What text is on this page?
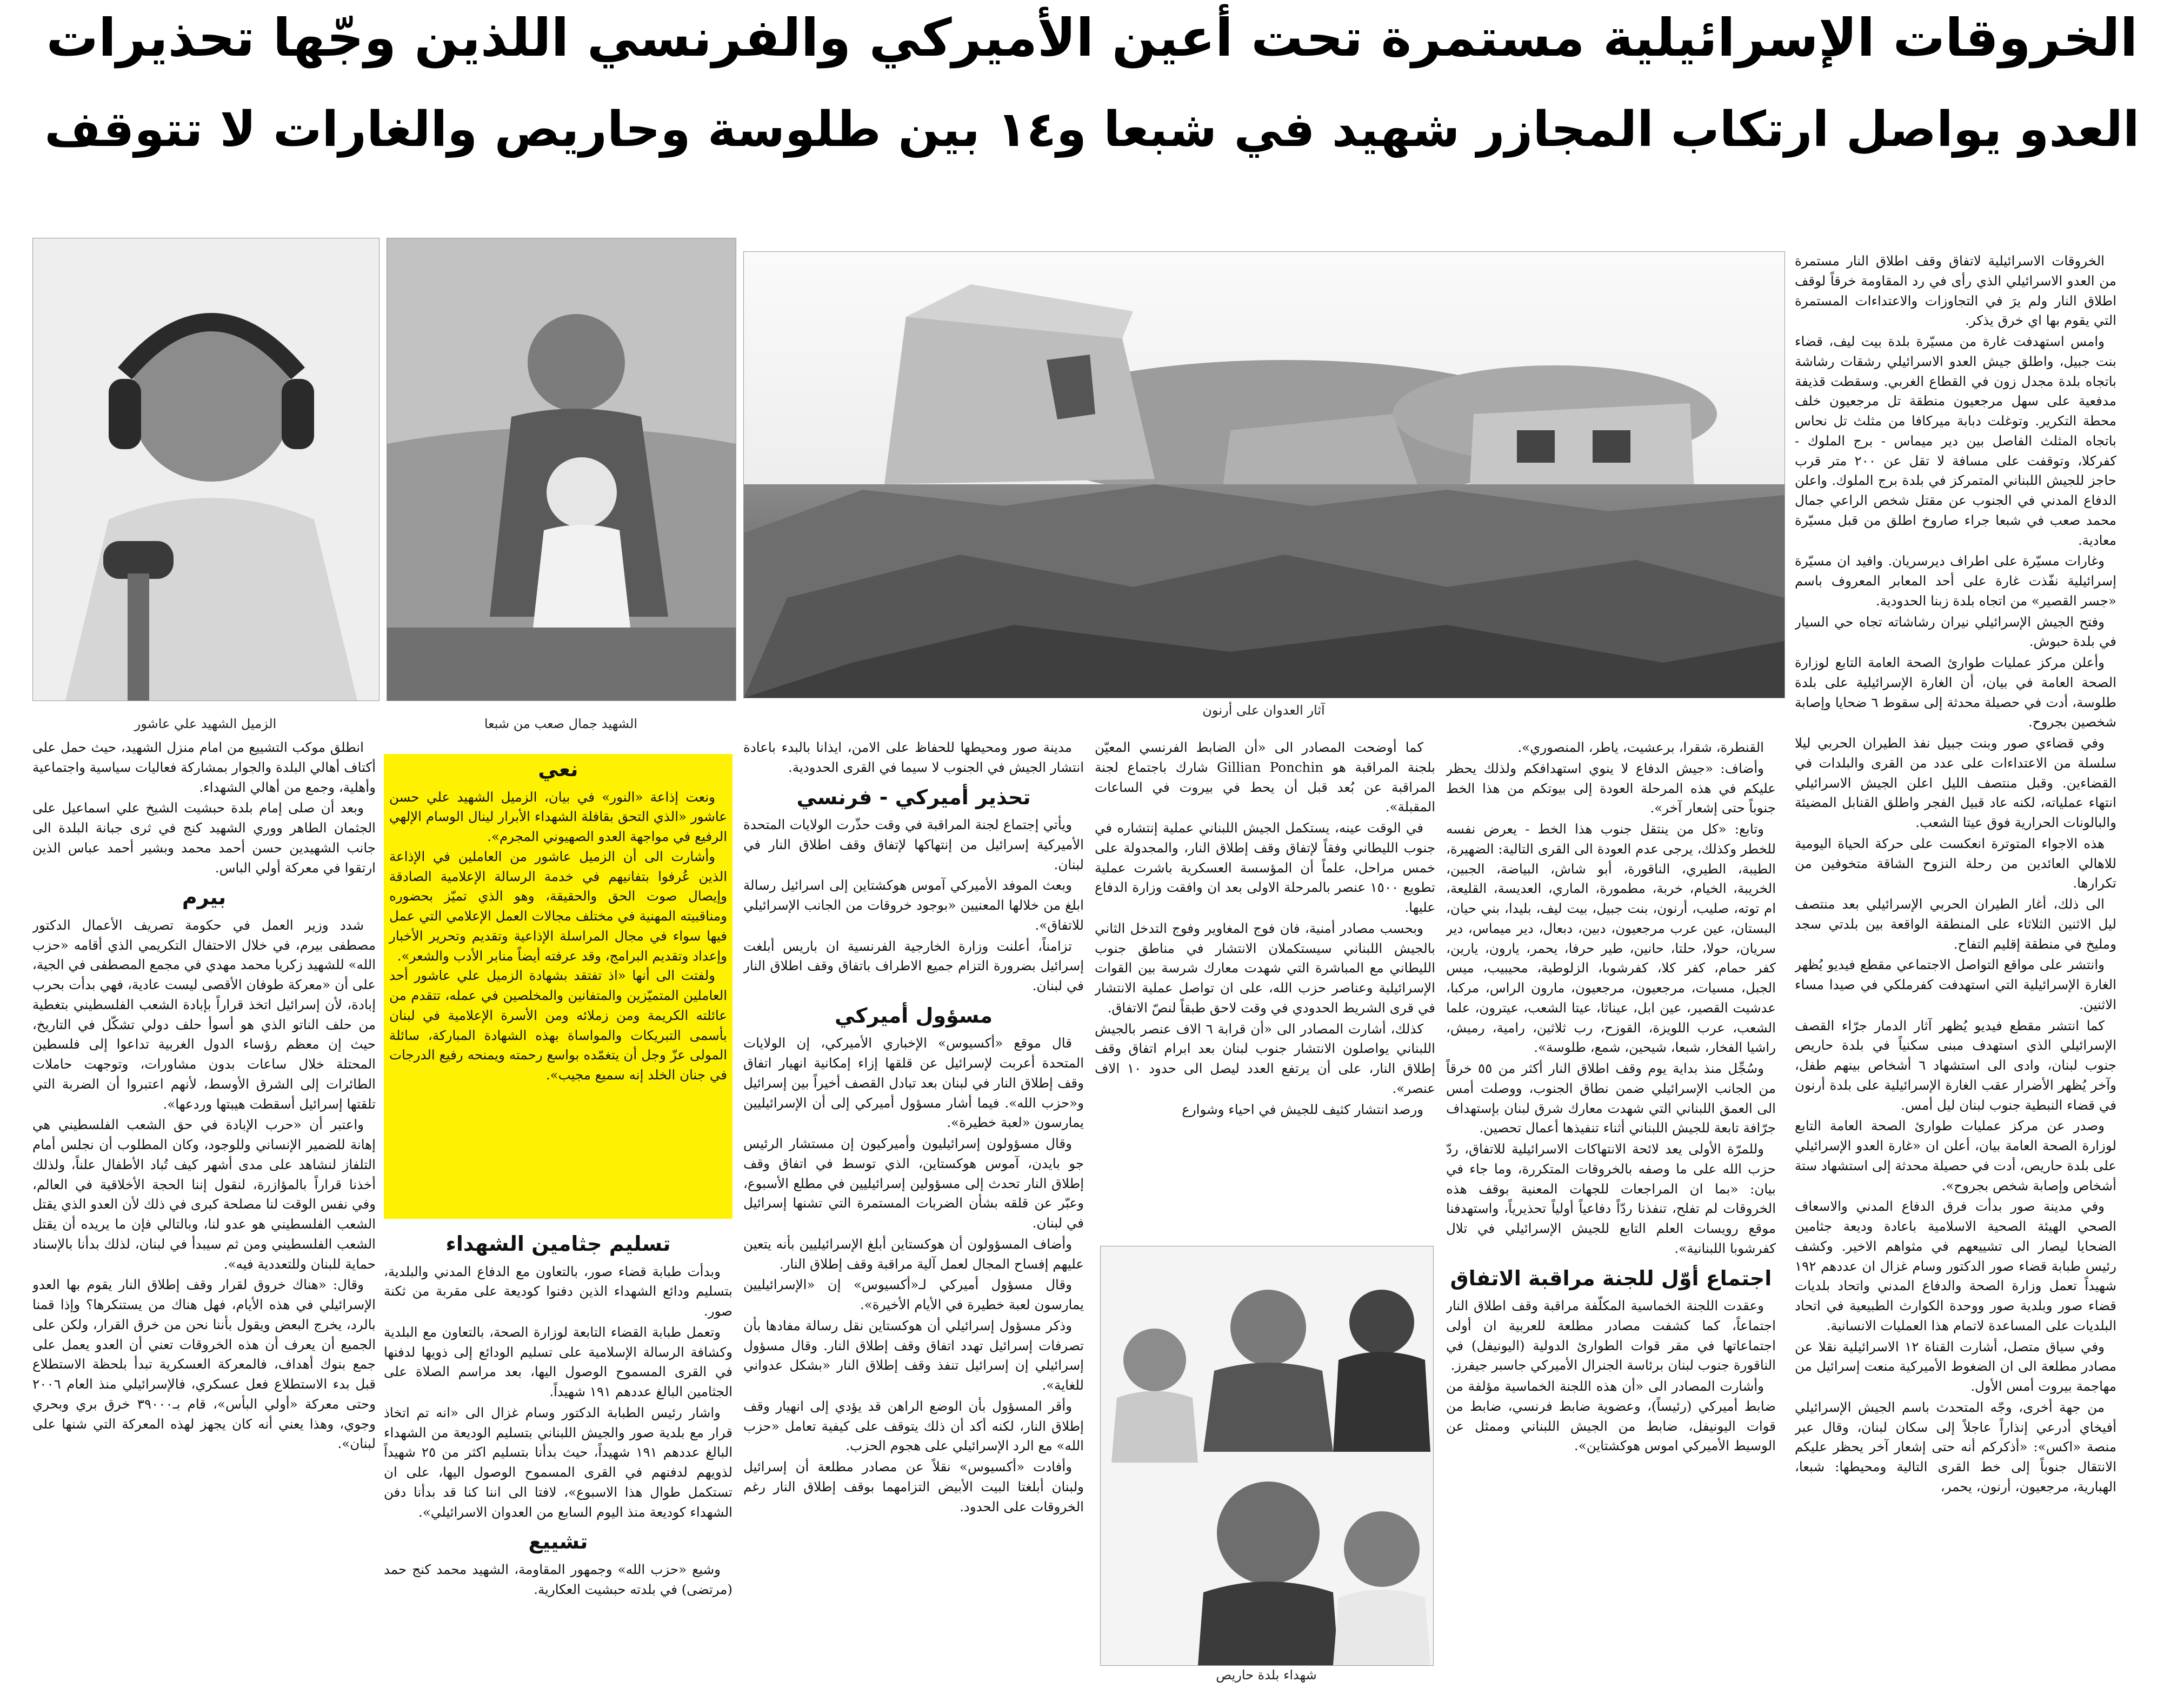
الخروقات الإسرائيلية مستمرة تحت أعين الأميركي والفرنسي اللذين وجّها تحذيرات
العدو يواصل ارتكاب المجازر شهيد في شبعا و١٤ بين طلوسة وحاريص والغارات لا تتوقف

الخروقات الاسرائيلية لاتفاق وقف اطلاق النار مستمرة من العدو الاسرائيلي الذي رأى في رد المقاومة خرقاً لوقف اطلاق النار ولم يرَ في التجاوزات والاعتداءات المستمرة التي يقوم بها اي خرق يذكر.

وامس استهدفت غارة من مسيّرة بلدة بيت ليف، قضاء بنت جبيل، واطلق جيش العدو الاسرائيلي رشقات رشاشة باتجاه بلدة مجدل زون في القطاع الغربي. وسقطت قذيفة مدفعية على سهل مرجعيون منطقة تل مرجعيون خلف محطة التكرير. وتوغلت دبابة ميركافا من مثلث تل نحاس باتجاه المثلث الفاصل بين دير ميماس - برج الملوك - كفركلا، وتوقفت على مسافة لا تقل عن ٢٠٠ متر قرب حاجز للجيش اللبناني المتمركز في بلدة برج الملوك. واعلن الدفاع المدني في الجنوب عن مقتل شخص الراعي جمال محمد صعب في شبعا جراء صاروخ اطلق من قبل مسيّرة معادية.

وغارات مسيّرة على اطراف ديرسريان. وافيد ان مسيّرة إسرائيلية نفّذت غارة على أحد المعابر المعروف باسم «جسر القصير» من اتجاه بلدة زبنا الحدودية.

وفتح الجيش الإسرائيلي نيران رشاشاته تجاه حي السيار في بلدة حبوش.

وأعلن مركز عمليات طوارئ الصحة العامة التابع لوزارة الصحة العامة في بيان، أن الغارة الإسرائيلية على بلدة طلوسة، أدت في حصيلة محدثة إلى سقوط ٦ ضحايا وإصابة شخصين بجروح.

وفي قضاءي صور وبنت جبيل نفذ الطيران الحربي ليلا سلسلة من الاعتداءات على عدد من القرى والبلدات في القضاءين. وقبل منتصف الليل اعلن الجيش الاسرائيلي انتهاء عملياته، لكنه عاد قبيل الفجر واطلق القنابل المضيئة والبالونات الحرارية فوق عيتا الشعب.

هذه الاجواء المتوترة انعكست على حركة الحياة اليومية للاهالي العائدين من رحلة النزوح الشاقة متخوفين من تكرارها.

الى ذلك، أغار الطيران الحربي الإسرائيلي بعد منتصف ليل الاثنين الثلاثاء على المنطقة الواقعة بين بلدتي سجد ومليخ في منطقة إقليم التفاح.

وانتشر على مواقع التواصل الاجتماعي مقطع فيديو يُظهر الغارة الإسرائيلية التي استهدفت كفرملكي في صيدا مساء الاثنين.

كما انتشر مقطع فيديو يُظهر آثار الدمار جرّاء القصف الإسرائيلي الذي استهدف مبنى سكنياً في بلدة حاريص جنوب لبنان، وادى الى استشهاد ٦ أشخاص بينهم طفل، وآخر يُظهر الأضرار عقب الغارة الإسرائيلية على بلدة أرنون في قضاء النبطية جنوب لبنان ليل أمس.

وصدر عن مركز عمليات طوارئ الصحة العامة التابع لوزارة الصحة العامة بيان، أعلن ان «غارة العدو الإسرائيلي على بلدة حاريص، أدت في حصيلة محدثة إلى استشهاد ستة أشخاص وإصابة شخص بجروح».

وفي مدينة صور بدأت فرق الدفاع المدني والاسعاف الصحي الهيئة الصحية الاسلامية باعادة وديعة جثامين الضحايا ليصار الى تشييعهم في مثواهم الاخير. وكشف رئيس طبابة قضاء صور الدكتور وسام غزال ان عددهم ١٩٢ شهيداً تعمل وزارة الصحة والدفاع المدني واتحاد بلديات قضاء صور وبلدية صور ووحدة الكوارث الطبيعية في اتحاد البلديات على المساعدة لاتمام هذا العمليات الانسانية.

وفي سياق متصل، أشارت القناة ١٢ الاسرائيلية نقلا عن مصادر مطلعة الى ان الضغوط الأميركية منعت إسرائيل من مهاجمة بيروت أمس الأول.

من جهة أخرى، وجّه المتحدث باسم الجيش الإسرائيلي أفيخاي أدرعي إنذاراً عاجلاً إلى سكان لبنان، وقال عبر منصة «اكس»: «أذكركم أنه حتى إشعار آخر يحظر عليكم الانتقال جنوباً إلى خط القرى التالية ومحيطها: شبعا، الهبارية، مرجعيون، أرنون، يحمر،

آثار العدوان على أرنون
الشهيد جمال صعب من شبعا
الزميل الشهيد علي عاشور

القنطرة، شقرا، برعشيت، ياطر، المنصوري».

وأضاف: «جيش الدفاع لا ينوي استهدافكم ولذلك يحظر عليكم في هذه المرحلة العودة إلى بيوتكم من هذا الخط جنوباً حتى إشعار آخر».

وتابع: «كل من ينتقل جنوب هذا الخط - يعرض نفسه للخطر وكذلك، يرجى عدم العودة الى القرى التالية: الضهيرة، الطيبة، الطيري، الناقورة، أبو شاش، البياضة، الجبين، الخريبة، الخيام، خربة، مطمورة، الماري، العديسة، القليعة، ام توته، صليب، أرنون، بنت جبيل، بيت ليف، بليدا، بني حيان، البستان، عين عرب مرجعيون، دبين، دبعال، دير ميماس، دير سريان، حولا، حلتا، حانين، طير حرفا، يحمر، يارون، يارين، كفر حمام، كفر كلا، كفرشوبا، الزلوطية، محيبيب، ميس الجبل، مسيات، مرجعيون، مرجعيون، مارون الراس، مركبا، عدشيت القصير، عين ابل، عيناثا، عيتا الشعب، عيترون، علما الشعب، عرب اللويزة، القوزح، رب ثلاثين، رامية، رميش، راشيا الفخار، شبعا، شيحين، شمع، طلوسة».

وسُجِّل منذ بداية يوم وقف اطلاق النار أكثر من ٥٥ خرقاً من الجانب الإسرائيلي ضمن نطاق الجنوب، ووصلت أمس الى العمق اللبناني التي شهدت معارك شرق لبنان بإستهداف جرّافة تابعة للجيش اللبناني أثناء تنفيذها أعمال تحصين.

وللمرّة الأولى يعد لائحة الانتهاكات الاسرائيلية للاتفاق، ردّ حزب الله على ما وصفه بالخروقات المتكررة، وما جاء في بيان: «بما ان المراجعات للجهات المعنية بوقف هذه الخروقات لم تفلح، تنفذنا ردّاً دفاعياً أولياً تحذيرياً، واستهدفنا موقع رويسات العلم التابع للجيش الإسرائيلي في تلال كفرشوبا اللبنانية».

اجتماع أوّل للجنة مراقبة الاتفاق

وعقدت اللجنة الخماسية المكلّفة مراقبة وقف اطلاق النار اجتماعاً، كما كشفت مصادر مطلعة للعربية ان أولى اجتماعاتها في مقر قوات الطوارئ الدولية (اليونيفل) في الناقورة جنوب لبنان برئاسة الجنرال الأميركي جاسبر جيفرز.

وأشارت المصادر الى «أن هذه اللجنة الخماسية مؤلفة من ضابط أميركي (رئيساً)، وعضوية ضابط فرنسي، ضابط من قوات اليونيفل، ضابط من الجيش اللبناني وممثل عن الوسيط الأميركي اموس هوكشتاين».

كما أوضحت المصادر الى «أن الضابط الفرنسي المعيّن بلجنة المراقبة هو Gillian Ponchin شارك باجتماع لجنة المراقبة عن بُعد قبل أن يحط في بيروت في الساعات المقبلة».

في الوقت عينه، يستكمل الجيش اللبناني عملية إنتشاره في جنوب الليطاني وفقاً لإتفاق وقف إطلاق النار، والمجدولة على خمس مراحل، علماً أن المؤسسة العسكرية باشرت عملية تطويع ١٥٠٠ عنصر بالمرحلة الاولى بعد ان وافقت وزارة الدفاع عليها.

وبحسب مصادر أمنية، فان فوج المغاوير وفوج التدخل الثاني بالجيش اللبناني سيستكملان الانتشار في مناطق جنوب الليطاني مع المباشرة التي شهدت معارك شرسة بين القوات الإسرائيلية وعناصر حزب الله، على ان تواصل عملية الانتشار في قرى الشريط الحدودي في وقت لاحق طبقاً لنصّ الاتفاق.

كذلك، أشارت المصادر الى «أن قرابة ٦ الاف عنصر بالجيش اللبناني يواصلون الانتشار جنوب لبنان بعد ابرام اتفاق وقف إطلاق النار، على أن يرتفع العدد ليصل الى حدود ١٠ الاف عنصر».

ورصد انتشار كثيف للجيش في احياء وشوارع

شهداء بلدة حاريص

مدينة صور ومحيطها للحفاظ على الامن، ايذانا بالبدء باعادة انتشار الجيش في الجنوب لا سيما في القرى الحدودية.

تحذير أميركي - فرنسي

ويأتي إجتماع لجنة المراقبة في وقت حذّرت الولايات المتحدة الأميركية إسرائيل من إنتهاكها لإتفاق وقف اطلاق النار في لبنان.

وبعث الموفد الأميركي آموس هوكشتاين إلى اسرائيل رسالة ابلغ من خلالها المعنيين «بوجود خروقات من الجانب الإسرائيلي للاتفاق».

تزامناً، أعلنت وزارة الخارجية الفرنسية ان باريس أبلغت إسرائيل بضرورة التزام جميع الاطراف باتفاق وقف اطلاق النار في لبنان.

مسؤول أميركي

قال موقع «أكسيوس» الإخباري الأميركي، إن الولايات المتحدة أعربت لإسرائيل عن قلقها إزاء إمكانية انهيار اتفاق وقف إطلاق النار في لبنان بعد تبادل القصف أخيراً بين إسرائيل و«حزب الله». فيما أشار مسؤول أميركي إلى أن الإسرائيليين يمارسون «لعبة خطيرة».

وقال مسؤولون إسرائيليون وأميركيون إن مستشار الرئيس جو بايدن، آموس هوكستاين، الذي توسط في اتفاق وقف إطلاق النار تحدث إلى مسؤولين إسرائيليين في مطلع الأسبوع، وعبّر عن قلقه بشأن الضربات المستمرة التي تشنها إسرائيل في لبنان.

وأضاف المسؤولون أن هوكستاين أبلغ الإسرائيليين بأنه يتعين عليهم إفساح المجال لعمل آلية مراقبة وقف إطلاق النار.

وقال مسؤول أميركي لـ«أكسيوس» إن «الإسرائيليين يمارسون لعبة خطيرة في الأيام الأخيرة».

وذكر مسؤول إسرائيلي أن هوكستاين نقل رسالة مفادها بأن تصرفات إسرائيل تهدد اتفاق وقف إطلاق النار. وقال مسؤول إسرائيلي إن إسرائيل تنفذ وقف إطلاق النار «بشكل عدواني للغاية».

وأقر المسؤول بأن الوضع الراهن قد يؤدي إلى انهيار وقف إطلاق النار، لكنه أكد أن ذلك يتوقف على كيفية تعامل «حزب الله» مع الرد الإسرائيلي على هجوم الحزب.

وأفادت «أكسيوس» نقلاً عن مصادر مطلعة أن إسرائيل ولبنان أبلغتا البيت الأبيض التزامهما بوقف إطلاق النار رغم الخروقات على الحدود.

نعي

ونعت إذاعة «النور» في بيان، الزميل الشهيد علي حسن عاشور «الذي التحق بقافلة الشهداء الأبرار لينال الوسام الإلهي الرفيع في مواجهة العدو الصهيوني المجرم».

وأشارت الى أن الزميل عاشور من العاملين في الإذاعة الذين عُرفوا بتفانيهم في خدمة الرسالة الإعلامية الصادقة وإيصال صوت الحق والحقيقة، وهو الذي تميّز بحضوره ومناقبيته المهنية في مختلف مجالات العمل الإعلامي التي عمل فيها سواء في مجال المراسلة الإذاعية وتقديم وتحرير الأخبار وإعداد وتقديم البرامج، وقد عرفته أيضاً منابر الأدب والشعر».

ولفتت الى أنها «اذ تفتقد بشهادة الزميل علي عاشور أحد العاملين المتميّزين والمتفانين والمخلصين في عمله، تتقدم من عائلته الكريمة ومن زملائه ومن الأسرة الإعلامية في لبنان بأسمى التبريكات والمواساة بهذه الشهادة المباركة، سائلة المولى عزّ وجل أن يتغمّده بواسع رحمته ويمنحه رفيع الدرجات في جنان الخلد إنه سميع مجيب».

تسليم جثامين الشهداء

وبدأت طبابة قضاء صور، بالتعاون مع الدفاع المدني والبلدية، بتسليم ودائع الشهداء الذين دفنوا كوديعة على مقربة من ثكنة صور.

وتعمل طبابة القضاء التابعة لوزارة الصحة، بالتعاون مع البلدية وكشافة الرسالة الإسلامية على تسليم الودائع إلى ذويها لدفنها في القرى المسموح الوصول اليها، بعد مراسم الصلاة على الجثامين البالغ عددهم ١٩١ شهيداً.

واشار رئيس الطبابة الدكتور وسام غزال الى «انه تم اتخاذ قرار مع بلدية صور والجيش اللبناني بتسليم الوديعة من الشهداء البالغ عددهم ١٩١ شهيداً، حيث بدأنا بتسليم اكثر من ٢٥ شهيداً لذويهم لدفنهم في القرى المسموح الوصول اليها، على ان تستكمل طوال هذا الاسبوع»، لافتا الى اننا كنا قد بدأنا دفن الشهداء كوديعة منذ اليوم السابع من العدوان الاسرائيلي».

تشييع

وشيع «حزب الله» وجمهور المقاومة، الشهيد محمد كنج حمد (مرتضى) في بلدته حبشيت العكارية.

انطلق موكب التشييع من امام منزل الشهيد، حيث حمل على أكتاف أهالي البلدة والجوار بمشاركة فعاليات سياسية واجتماعية وأهلية، وجمع من أهالي الشهداء.

وبعد أن صلى إمام بلدة حبشيت الشيخ علي اسماعيل على الجثمان الطاهر ووري الشهيد كنج في ثرى جبانة البلدة الى جانب الشهيدين حسن أحمد محمد وبشير أحمد عباس الذين ارتقوا في معركة أولي الباس.

بيرم

شدد وزير العمل في حكومة تصريف الأعمال الدكتور مصطفى بيرم، في خلال الاحتفال التكريمي الذي أقامه «حزب الله» للشهيد زكريا محمد مهدي في مجمع المصطفى في الجية، على أن «معركة طوفان الأقصى ليست عادية، فهي بدأت بحرب إبادة، لأن إسرائيل اتخذ قراراً بإبادة الشعب الفلسطيني بتغطية من حلف الناتو الذي هو أسوأ حلف دولي تشكّل في التاريخ، حيث إن معظم رؤساء الدول الغربية تداعوا إلى فلسطين المحتلة خلال ساعات بدون مشاورات، وتوجهت حاملات الطائرات إلى الشرق الأوسط، لأنهم اعتبروا أن الضربة التي تلقتها إسرائيل أسقطت هيبتها وردعها».

واعتبر أن «حرب الإبادة في حق الشعب الفلسطيني هي إهانة للضمير الإنساني وللوجود، وكان المطلوب أن نجلس أمام التلفاز لنشاهد على مدى أشهر كيف تُباد الأطفال علناً، ولذلك أخذنا قراراً بالمؤازرة، لنقول إننا الحجة الأخلاقية في العالم، وفي نفس الوقت لنا مصلحة كبرى في ذلك لأن العدو الذي يقتل الشعب الفلسطيني هو عدو لنا، وبالتالي فإن ما يريده أن يقتل الشعب الفلسطيني ومن ثم سيبدأ في لبنان، لذلك بدأنا بالإسناد حماية للبنان وللتعددية فيه».

وقال: «هناك خروق لقرار وقف إطلاق النار يقوم بها العدو الإسرائيلي في هذه الأيام، فهل هناك من يستنكرها؟ وإذا قمنا بالرد، يخرج البعض ويقول بأننا نحن من خرق القرار، ولكن على الجميع أن يعرف أن هذه الخروقات تعني أن العدو يعمل على جمع بنوك أهداف، فالمعركة العسكرية تبدأ بلحظة الاستطلاع قبل بدء الاستطلاع فعل عسكري، فالإسرائيلي منذ العام ٢٠٠٦ وحتى معركة «أولي البأس»، قام بـ٣٩٠٠٠ خرق بري وبحري وجوي، وهذا يعني أنه كان يجهز لهذه المعركة التي شنها على لبنان».
